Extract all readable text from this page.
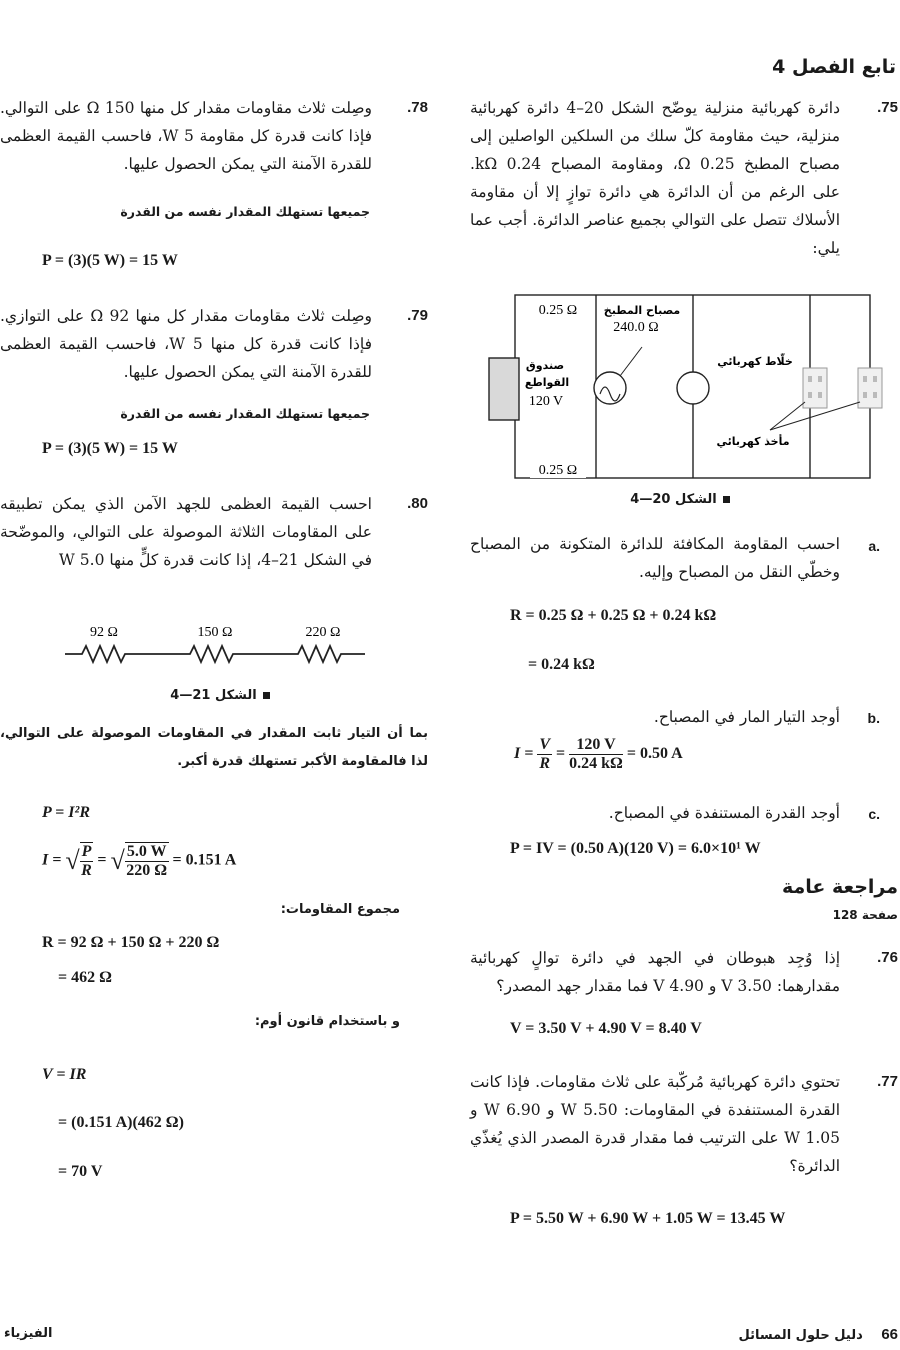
تابع الفصل 4
.75
دائرة كهربائية منزلية يوضّح الشكل 20–4 دائرة كهربائية منزلية، حيث مقاومة كلّ سلك من السلكين الواصلين إلى مصباح المطبخ Ω 0.25، ومقاومة المصباح 0.24 kΩ. على الرغم من أن الدائرة هي دائرة توازٍ إلا أن مقاومة الأسلاك تتصل على التوالي بجميع عناصر الدائرة. أجب عما يلي:
0.25 Ω
0.25 Ω
مصباح المطبخ
240.0 Ω
صندوق
القواطع
120 V
خلّاط كهربائي
مأخذ كهربائي
الشكل 20—4
a.
احسب المقاومة المكافئة للدائرة المتكونة من المصباح وخطّي النقل من المصباح وإليه.
R = 0.25 Ω + 0.25 Ω + 0.24 kΩ
= 0.24 kΩ
b.
أوجد التيار المار في المصباح.
$I = \frac{V}{R} = \frac{120 V}{0.24 k\Omega} = 0.50$ A
c.
أوجد القدرة المستنفدة في المصباح.
P = IV = (0.50 A)(120 V) = 6.0×10¹ W
مراجعة عامة
صفحة 128
.76
إذا وُجِد هبوطان في الجهد في دائرة توالٍ كهربائية مقدارهما: 3.50 V و 4.90 V فما مقدار جهد المصدر؟
V = 3.50 V + 4.90 V = 8.40 V
.77
تحتوي دائرة كهربائية مُركّبة على ثلاث مقاومات. فإذا كانت القدرة المستنفدة في المقاومات: 5.50 W و 6.90 W و 1.05 W على الترتيب فما مقدار قدرة المصدر الذي يُغذّي الدائرة؟
P = 5.50 W + 6.90 W + 1.05 W = 13.45 W
.78
وصِلت ثلاث مقاومات مقدار كل منها 150 Ω على التوالي. فإذا كانت قدرة كل مقاومة 5 W، فاحسب القيمة العظمى للقدرة الآمنة التي يمكن الحصول عليها.
جميعها تستهلك المقدار نفسه من القدرة
P = (3)(5 W) = 15 W
.79
وصِلت ثلاث مقاومات مقدار كل منها 92 Ω على التوازي. فإذا كانت قدرة كل منها 5 W، فاحسب القيمة العظمى للقدرة الآمنة التي يمكن الحصول عليها.
جميعها تستهلك المقدار نفسه من القدرة
P = (3)(5 W) = 15 W
.80
احسب القيمة العظمى للجهد الآمن الذي يمكن تطبيقه على المقاومات الثلاثة الموصولة على التوالي، والموضّحة في الشكل 21–4، إذا كانت قدرة كلٍّ منها 5.0 W
92 Ω	150 Ω	220 Ω
الشكل 21—4
بما أن التيار ثابت المقدار في المقاومات الموصولة على التوالي، لذا فالمقاومة الأكبر تستهلك قدرة أكبر.
P = I²R
I = √ $\frac{P}{R}$ = √ $\frac{5.0 W}{220 \Omega} = 0.151$ A
مجموع المقاومات:
R = 92 Ω + 150 Ω + 220 Ω
= 462 Ω
و باستخدام قانون أوم:
V = IR
= (0.151 A)(462 Ω)
= 70 V
66 دليل حلول المسائل
الفيزياء
